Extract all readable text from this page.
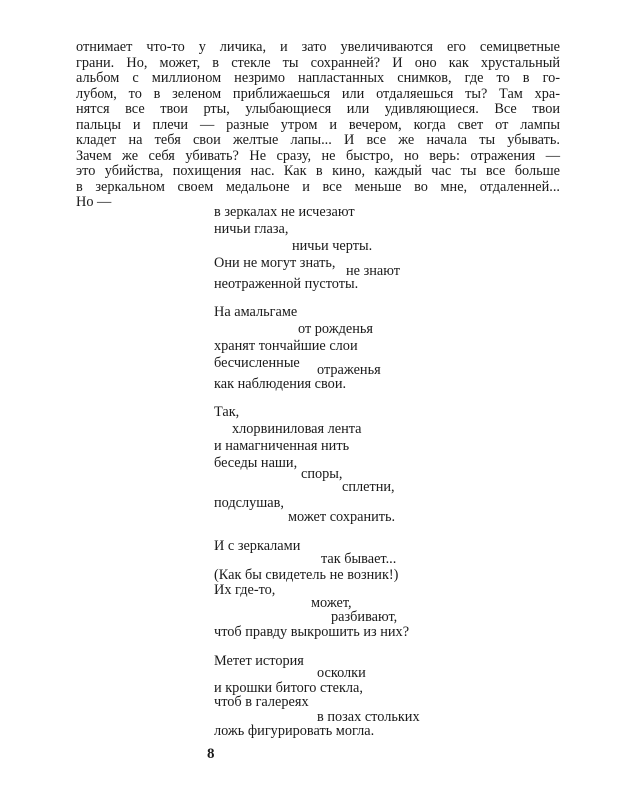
отнимает что-то у личика, и зато увеличиваются его семицветные
грани. Но, может, в стекле ты сохранней? И оно как хрустальный
альбом с миллионом незримо напластанных снимков, где то в го-
лубом, то в зеленом приближаешься или отдаляешься ты? Там хра-
нятся все твои рты, улыбающиеся или удивляющиеся. Все твои
пальцы и плечи — разные утром и вечером, когда свет от лампы
кладет на тебя свои желтые лапы... И все же начала ты убывать.
Зачем же себя убивать? Не сразу, не быстро, но верь: отражения —
это убийства, похищения нас. Как в кино, каждый час ты все больше
в зеркальном своем медальоне и все меньше во мне, отдаленней...
Но —

в зеркалах не исчезают

ничьи глаза,

ничьи черты.

Они не могут знать, не знают

неотраженной пустоты.

На амальгаме

от рожденья

хранят тончайшие слои

бесчисленные отраженья

как наблюдения свои.

Так,

хлорвиниловая лента

и намагниченная нить

беседы наши,

споры,

сплетни,

подслушав,

может сохранить.

И с зеркалами

так бывает...

(Как бы свидетель не возник!)

Их где-то,

может,

разбивают,

чтоб правду выкрошить из них?

Метет история

осколки

и крошки битого стекла,

чтоб в галереях

в позах стольких

ложь фигурировать могла.

8
